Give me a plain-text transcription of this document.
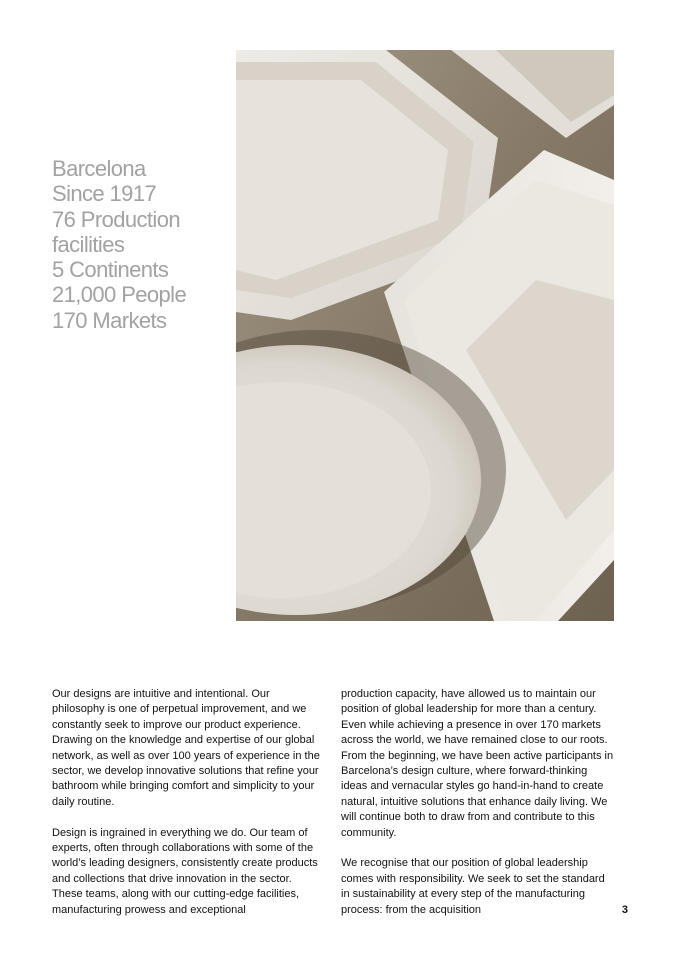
Barcelona
Since 1917
76 Production
facilities
5 Continents
21,000 People
170 Markets

Our designs are intuitive and intentional. Our philosophy is one of perpetual improvement, and we constantly seek to improve our product experience. Drawing on the knowledge and expertise of our global network, as well as over 100 years of experience in the sector, we develop innovative solutions that refine your bathroom while bringing comfort and simplicity to your daily routine.

Design is ingrained in everything we do. Our team of experts, often through collaborations with some of the world’s leading designers, consistently create products and collections that drive innovation in the sector. These teams, along with our cutting-edge facilities, manufacturing prowess and exceptional

production capacity, have allowed us to maintain our position of global leadership for more than a century. Even while achieving a presence in over 170 markets across the world, we have remained close to our roots. From the beginning, we have been active participants in Barcelona’s design culture, where forward-thinking ideas and vernacular styles go hand-in-hand to create natural, intuitive solutions that enhance daily living. We will continue both to draw from and contribute to this community.

We recognise that our position of global leadership comes with responsibility. We seek to set the standard in sustainability at every step of the manufacturing process: from the acquisition	3
